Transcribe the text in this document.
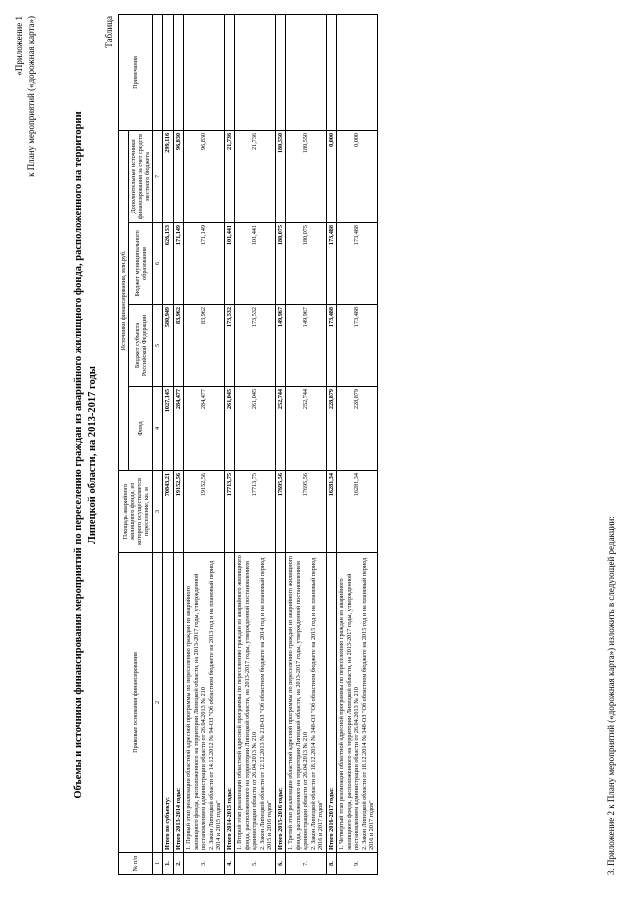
«Приложение 1 к Плану мероприятий («дорожная карта»)
Объемы и источники финансирования мероприятий по переселению граждан из аварийного жилищного фонда, расположенного на территории Липецкой области, на 2013-2017 годы
Таблица
№ п/п	Правовые основания финансирования	Площадь аварийного жилищного фонда, из которого осуществляется переселение, кв. м	Источники финансирования, млн.руб.				Примечания
			Фонд	Бюджет субъекта Российской Федерации	Бюджет муниципального образования	Дополнительные источники финансирования за счет средств местного бюджета	
1	2	3	4	5	6	7	
1.	Итого по субъекту:	70843,21	1027,145	580,949	626,153	299,116	
2.	Итого 2013-2014 годы:	19152,56	284,477	83,962	171,149	96,830	
3.	1. Первый этап реализации областной адресной программы по переселению граждан из аварийного жилищного фонда, расположенного на территории Липецкой области, на 2013-2017 годы, утвержденной постановлением администрации области от 26.04.2013 № 210
2. Закон Липецкой области от 14.12.2012 № 94-ОЗ "Об областном бюджете на 2013 год и на плановый период 2014 и 2015 годов"	19152,56	284,477	83,962	171,149	96,830	
4.	Итого 2014-2015 годы:	17713,75	261,045	173,532	101,441	21,736	
5.	1. Второй этап реализации областной адресной программы по переселению граждан из аварийного жилищного фонда, расположенного на территории Липецкой области, на 2013-2017 годы, утвержденной постановлением администрации области от 26.04.2013 № 210
2. Закон Липецкой области от 12.12.2013 № 218-ОЗ "Об областном бюджете на 2014 год и на плановый период 2015 и 2016 годов"	17713,75	261,045	173,532	101,441	21,736	
6.	Итого 2015-2016 годы:	17695,56	252,744	149,967	180,075	180,550	
7.	1. Третий этап реализации областной адресной программы по переселению граждан из аварийного жилищного фонда, расположенного на территории Липецкой области, на 2013-2017 годы, утвержденной постановлением администрации области от 26.04.2013 № 210
2. Закон Липецкой области от 18.12.2014 № 348-ОЗ "Об областном бюджете на 2015 год и на плановый период 2016 и 2017 годов"	17695,56	252,744	149,967	180,075	180,550	
8.	Итого 2016-2017 годы:	16281,34	228,879	173,488	173,488	0,000	
9.	1. Четвертый этап реализации областной адресной программы по переселению граждан из аварийного жилищного фонда, расположенного на территории Липецкой области, на 2013-2017 годы, утвержденной постановлением администрации области от 26.04.2013 № 210
2. Закон Липецкой области от 18.12.2014 № 348-ОЗ "Об областном бюджете на 2015 год и на плановый период 2016 и 2017 годов"	16281,34	228,879	173,488	173,488	0,000	
3. Приложение 2 к Плану мероприятий («дорожная карта») изложить в следующей редакции:
